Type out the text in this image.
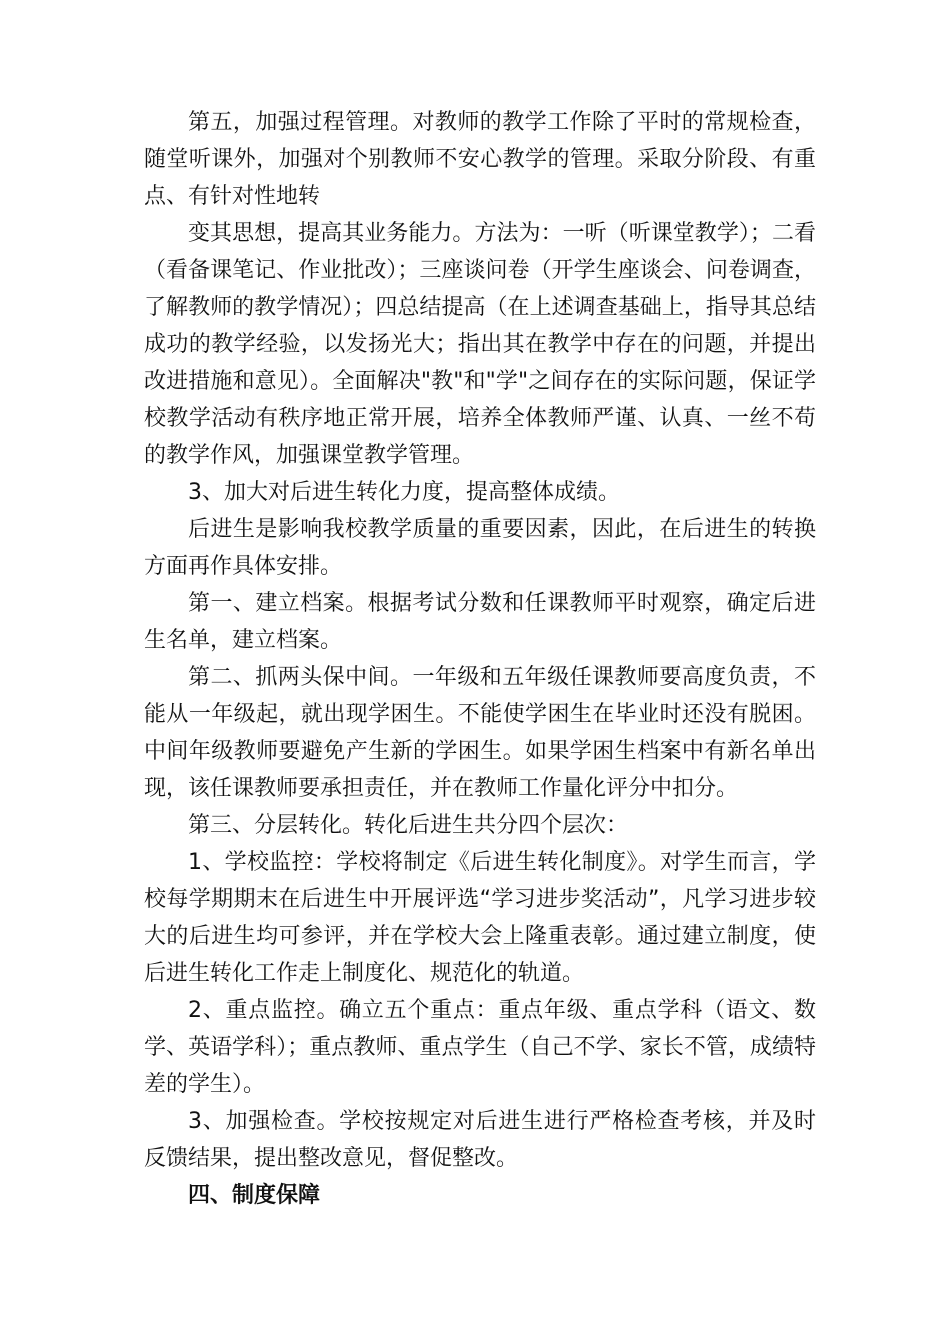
第五，加强过程管理。对教师的教学工作除了平时的常规检查，随堂听课外，加强对个别教师不安心教学的管理。采取分阶段、有重点、有针对性地转

变其思想，提高其业务能力。方法为：一听（听课堂教学）；二看（看备课笔记、作业批改）；三座谈问卷（开学生座谈会、问卷调查，了解教师的教学情况）；四总结提高（在上述调查基础上，指导其总结成功的教学经验，以发扬光大；指出其在教学中存在的问题，并提出改进措施和意见）。全面解决"教"和"学"之间存在的实际问题，保证学校教学活动有秩序地正常开展，培养全体教师严谨、认真、一丝不苟的教学作风，加强课堂教学管理。

3、加大对后进生转化力度，提高整体成绩。

后进生是影响我校教学质量的重要因素，因此，在后进生的转换方面再作具体安排。

第一、建立档案。根据考试分数和任课教师平时观察，确定后进生名单，建立档案。

第二、抓两头保中间。一年级和五年级任课教师要高度负责，不能从一年级起，就出现学困生。不能使学困生在毕业时还没有脱困。中间年级教师要避免产生新的学困生。如果学困生档案中有新名单出现，该任课教师要承担责任，并在教师工作量化评分中扣分。

第三、分层转化。转化后进生共分四个层次：

1、学校监控：学校将制定《后进生转化制度》。对学生而言，学校每学期期末在后进生中开展评选“学习进步奖活动”，凡学习进步较大的后进生均可参评，并在学校大会上隆重表彰。通过建立制度，使后进生转化工作走上制度化、规范化的轨道。

2、重点监控。确立五个重点：重点年级、重点学科（语文、数学、英语学科）；重点教师、重点学生（自己不学、家长不管，成绩特差的学生）。

3、加强检查。学校按规定对后进生进行严格检查考核，并及时反馈结果，提出整改意见，督促整改。

四、制度保障
